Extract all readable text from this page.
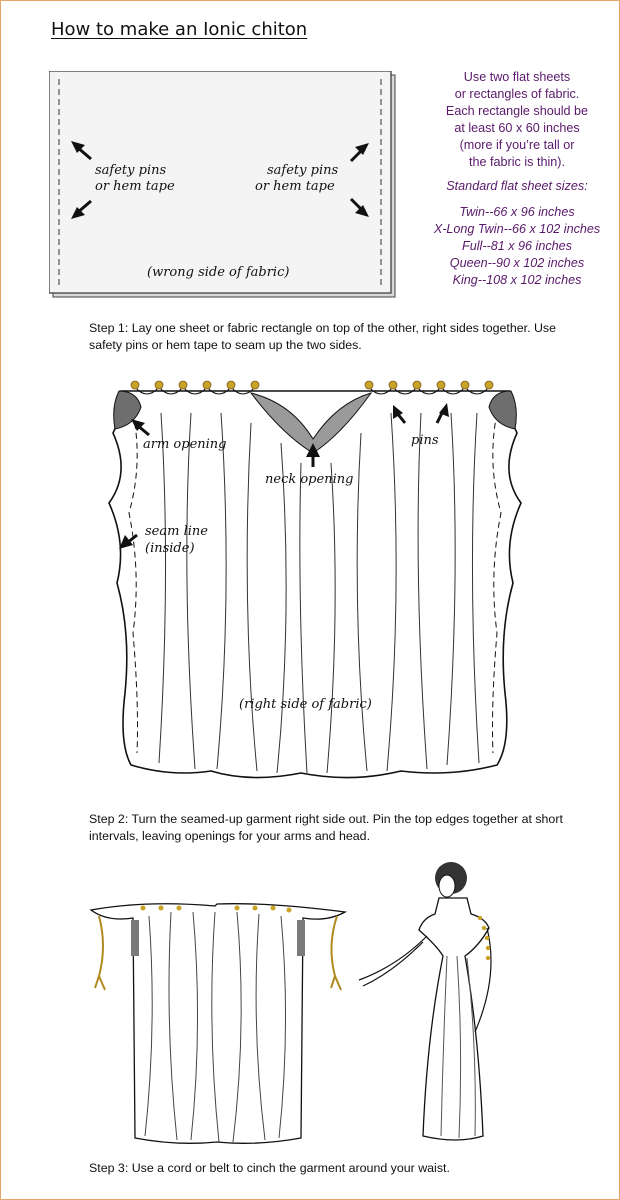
How to make an Ionic chiton
safety pins
or hem tape
safety pins
or hem tape
(wrong side of fabric)
Use two flat sheets
or rectangles of fabric.
Each rectangle should be
at least 60 x 60 inches
(more if you’re tall or
the fabric is thin).
Standard flat sheet sizes:
Twin--66 x 96 inches
X-Long Twin--66 x 102 inches
Full--81 x 96 inches
Queen--90 x 102 inches
King--108 x 102 inches
Step 1: Lay one sheet or fabric rectangle on top of the other, right sides together. Use safety pins or hem tape to seam up the two sides.
arm opening
neck opening
pins
seam line
(inside)
(right side of fabric)
Step 2: Turn the seamed-up garment right side out. Pin the top edges together at short intervals, leaving openings for your arms and head.
Step 3: Use a cord or belt to cinch the garment around your waist.
